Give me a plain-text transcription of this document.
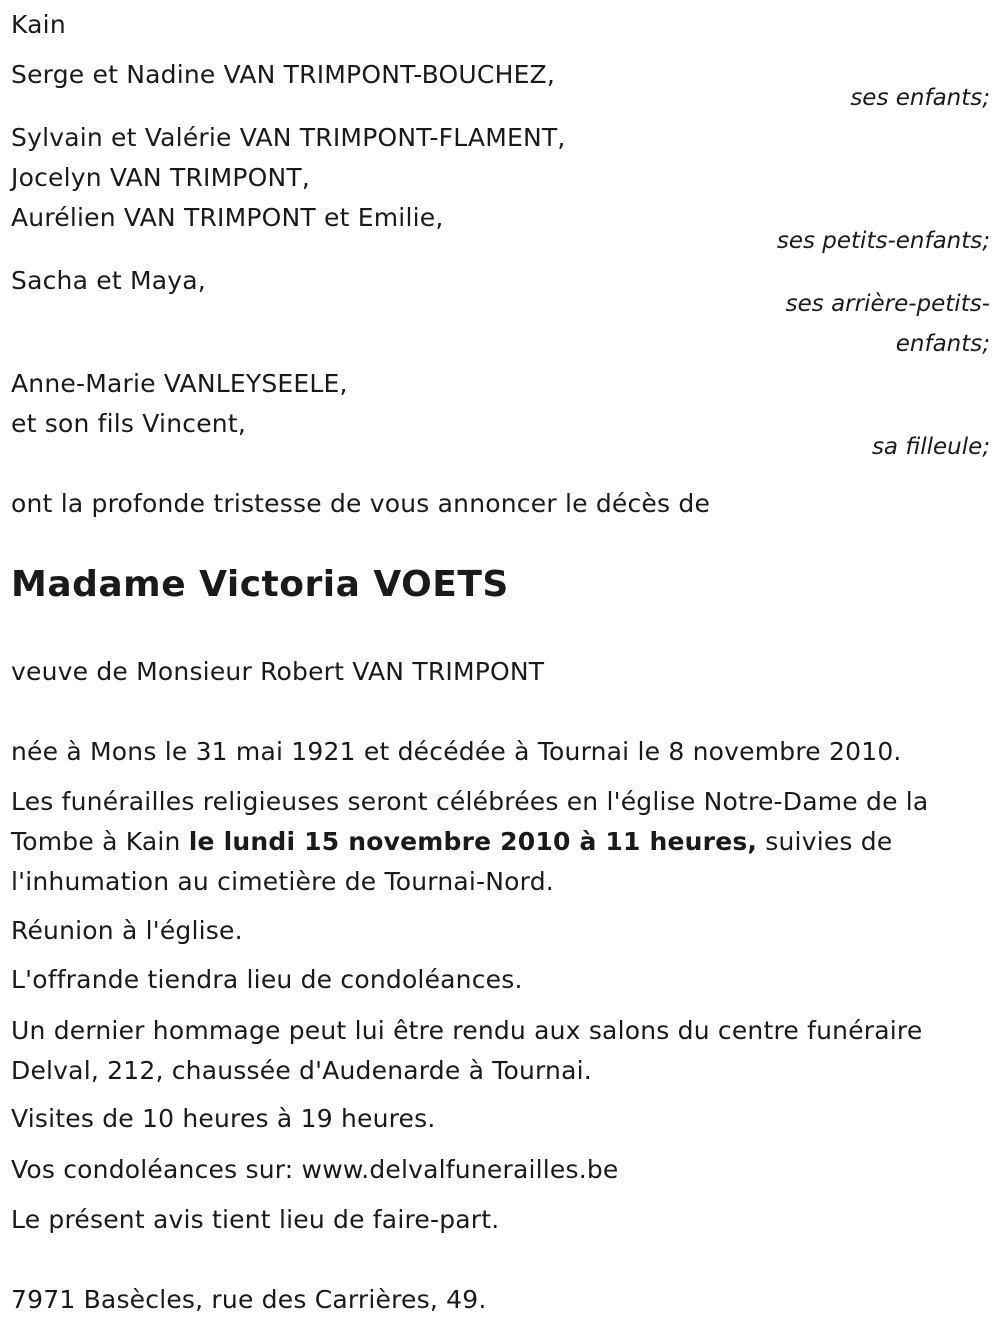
Kain
Serge et Nadine VAN TRIMPONT-BOUCHEZ,
ses enfants;
Sylvain et Valérie VAN TRIMPONT-FLAMENT,
Jocelyn VAN TRIMPONT,
Aurélien VAN TRIMPONT et Emilie,
ses petits-enfants;
Sacha et Maya,
ses arrière-petits-
enfants;
Anne-Marie VANLEYSEELE,
et son fils Vincent,
sa filleule;
ont la profonde tristesse de vous annoncer le décès de
Madame Victoria VOETS
veuve de Monsieur Robert VAN TRIMPONT
née à Mons le 31 mai 1921 et décédée à Tournai le 8 novembre 2010.
Les funérailles religieuses seront célébrées en l'église Notre-Dame de la
Tombe à Kain le lundi 15 novembre 2010 à 11 heures, suivies de
l'inhumation au cimetière de Tournai-Nord.
Réunion à l'église.
L'offrande tiendra lieu de condoléances.
Un dernier hommage peut lui être rendu aux salons du centre funéraire
Delval, 212, chaussée d'Audenarde à Tournai.
Visites de 10 heures à 19 heures.
Vos condoléances sur: www.delvalfunerailles.be
Le présent avis tient lieu de faire-part.
7971 Basècles, rue des Carrières, 49.
